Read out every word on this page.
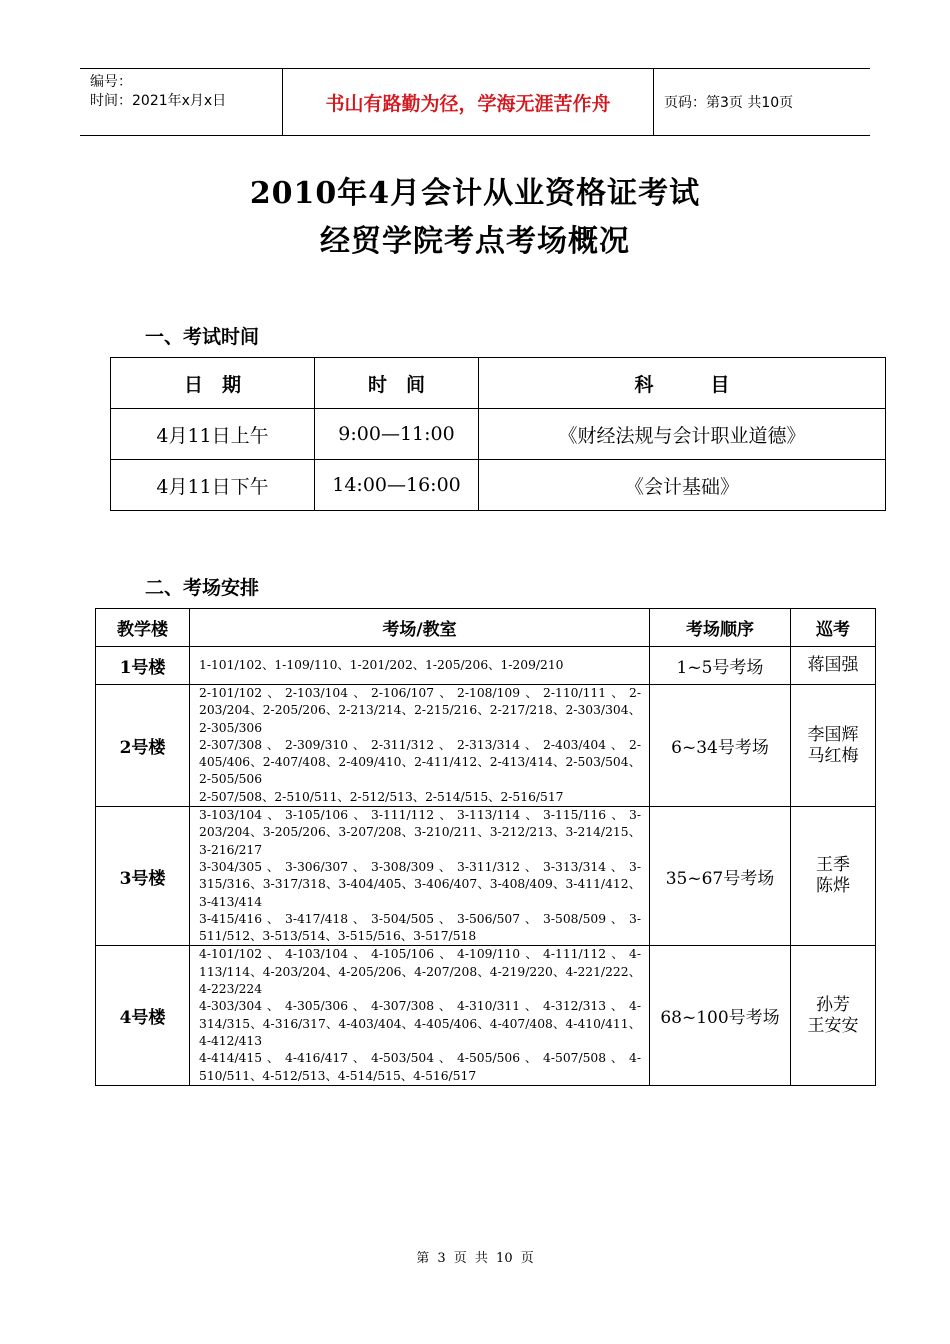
编号：
时间：2021年x月x日	书山有路勤为径，学海无涯苦作舟	页码：第3页 共10页
2010年4月会计从业资格证考试
经贸学院考点考场概况
一、考试时间
日　期	时　间	科　　　目
4月11日上午	9:00—11:00	《财经法规与会计职业道德》
4月11日下午	14:00—16:00	《会计基础》
二、考场安排
教学楼	考场/教室	考场顺序	巡考
1号楼	1-101/102、1-109/110、1-201/202、1-205/206、1-209/210	1~5号考场	蒋国强

2号楼	2-101/102、2-103/104、2-106/107、2-108/109、2-110/111、2-203/204、2-205/206、2-213/214、2-215/216、2-217/218、2-303/304、2-305/306
2-307/308 、 2-309/310 、 2-311/312 、 2-313/314 、 2-403/404 、 2-405/406、2-407/408、2-409/410、2-411/412、2-413/414、2-503/504、2-505/506
2-507/508、2-510/511、2-512/513、2-514/515、2-516/517	6~34号考场	李国辉
马红梅

3号楼	3-103/104、3-105/106、3-111/112、3-113/114、3-115/116、3-203/204、3-205/206、3-207/208、3-210/211、3-212/213、3-214/215、3-216/217
3-304/305 、 3-306/307 、 3-308/309 、 3-311/312 、 3-313/314 、 3-315/316、3-317/318、3-404/405、3-406/407、3-408/409、3-411/412、3-413/414
3-415/416 、 3-417/418 、 3-504/505 、 3-506/507 、 3-508/509 、 3-511/512、3-513/514、3-515/516、3-517/518	35~67号考场	王季
陈烨

4号楼	4-101/102、4-103/104、4-105/106、4-109/110、4-111/112、4-113/114、4-203/204、4-205/206、4-207/208、4-219/220、4-221/222、4-223/224
4-303/304 、 4-305/306 、 4-307/308 、 4-310/311 、 4-312/313 、 4-314/315、4-316/317、4-403/404、4-405/406、4-407/408、4-410/411、4-412/413
4-414/415 、 4-416/417 、 4-503/504 、 4-505/506 、 4-507/508 、 4-510/511、4-512/513、4-514/515、4-516/517	68~100号考场	孙芳
王安安
第 3 页 共 10 页
